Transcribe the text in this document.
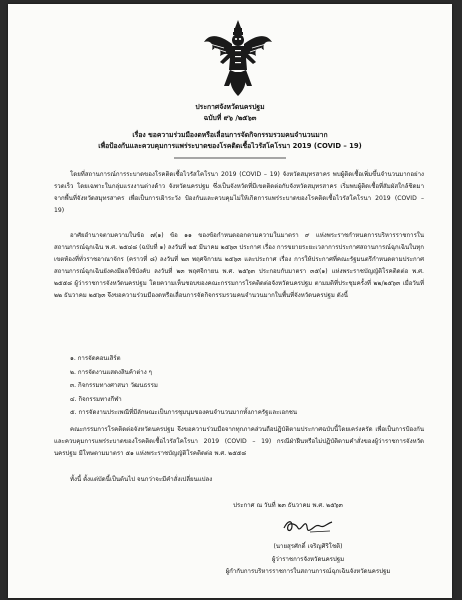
ประกาศจังหวัดนครปฐม
ฉบับที่ ๙๖ /๒๕๖๓
เรื่อง ขอความร่วมมืองดหรือเลื่อนการจัดกิจกรรมรวมคนจำนวนมาก
เพื่อป้องกันและควบคุมการแพร่ระบาดของโรคติดเชื้อไวรัสโคโรนา 2019 (COVID – 19)
โดยที่สถานการณ์การระบาดของโรคติดเชื้อไวรัสโคโรนา 2019 (COVID – 19) จังหวัดสมุทรสาคร พบผู้ติดเชื้อเพิ่มขึ้นจำนวนมากอย่างรวดเร็ว โดยเฉพาะในกลุ่มแรงงานต่างด้าว จังหวัดนครปฐม ซึ่งเป็นจังหวัดที่มีเขตติดต่อกับจังหวัดสมุทรสาคร เริ่มพบผู้ติดเชื้อที่สัมผัสใกล้ชิดมาจากพื้นที่จังหวัดสมุทรสาคร เพื่อเป็นการเฝ้าระวัง ป้องกันและควบคุมไม่ให้เกิดการแพร่ระบาดของโรคติดเชื้อไวรัสโคโรนา 2019 (COVID – 19)
อาศัยอำนาจตามความในข้อ ๗(๑) ข้อ ๑๑ ของข้อกำหนดออกตามความในมาตรา ๙ แห่งพระราชกำหนดการบริหารราชการในสถานการณ์ฉุกเฉิน พ.ศ. ๒๕๔๘ (ฉบับที่ ๑) ลงวันที่ ๒๕ มีนาคม ๒๕๖๓ ประกาศ เรื่อง การขยายระยะเวลาการประกาศสถานการณ์ฉุกเฉินในทุกเขตท้องที่ทั่วราชอาณาจักร (คราวที่ ๘) ลงวันที่ ๒๓ พฤศจิกายน ๒๕๖๓ และประกาศ เรื่อง การให้ประกาศที่คณะรัฐมนตรีกำหนดตามประกาศสถานการณ์ฉุกเฉินยังคงมีผลใช้บังคับ ลงวันที่ ๒๓ พฤศจิกายน พ.ศ. ๒๕๖๓ ประกอบกับมาตรา ๓๕(๑) แห่งพระราชบัญญัติโรคติดต่อ พ.ศ. ๒๕๕๘ ผู้ว่าราชการจังหวัดนครปฐม โดยความเห็นชอบของคณะกรรมการโรคติดต่อจังหวัดนครปฐม ตามมติที่ประชุมครั้งที่ ๒๒/๒๕๖๓ เมื่อวันที่ ๒๒ ธันวาคม ๒๕๖๓ จึงขอความร่วมมืองดหรือเลื่อนการจัดกิจกรรมรวมคนจำนวนมากในพื้นที่จังหวัดนครปฐม ดังนี้
๑. การจัดคอนเสิร์ต
๒. การจัดงานแสดงสินค้าต่าง ๆ
๓. กิจกรรมทางศาสนา วัฒนธรรม
๔. กิจกรรมทางกีฬา
๕. การจัดงานประเพณีที่มีลักษณะเป็นการชุมนุมของคนจำนวนมากทั้งภาครัฐและเอกชน
คณะกรรมการโรคติดต่อจังหวัดนครปฐม จึงขอความร่วมมือจากทุกภาคส่วนถือปฏิบัติตามประกาศฉบับนี้โดยเคร่งครัด เพื่อเป็นการป้องกัน และควบคุมการแพร่ระบาดของโรคติดเชื้อไวรัสโคโรนา 2019 (COVID – 19) กรณีฝ่าฝืนหรือไม่ปฏิบัติตามคำสั่งของผู้ว่าราชการจังหวัดนครปฐม มีโทษตามมาตรา ๕๑ แห่งพระราชบัญญัติโรคติดต่อ พ.ศ. ๒๕๕๘
ทั้งนี้ ตั้งแต่บัดนี้เป็นต้นไป จนกว่าจะมีคำสั่งเปลี่ยนแปลง
ประกาศ ณ วันที่ ๒๓ ธันวาคม พ.ศ. ๒๕๖๓
(นายสุรศักดิ์ เจริญศิริโชติ)
ผู้ว่าราชการจังหวัดนครปฐม
ผู้กำกับการบริหารราชการในสถานการณ์ฉุกเฉินจังหวัดนครปฐม
